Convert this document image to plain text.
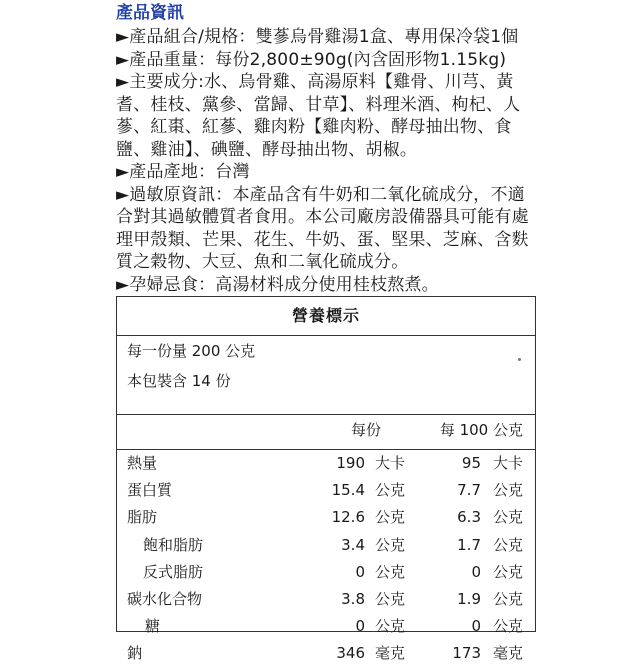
產品資訊
►產品組合/規格：雙蔘烏骨雞湯1盒、專用保冷袋1個
►產品重量：每份2,800±90g(內含固形物1.15kg)
►主要成分:水、烏骨雞、高湯原料【雞骨、川芎、黃
耆、桂枝、黨參、當歸、甘草】、料理米酒、枸杞、人
蔘、紅棗、紅蔘、雞肉粉【雞肉粉、酵母抽出物、食
鹽、雞油】、碘鹽、酵母抽出物、胡椒。
►產品產地：台灣
►過敏原資訊：本產品含有牛奶和二氧化硫成分，不適
合對其過敏體質者食用。本公司廠房設備器具可能有處
理甲殼類、芒果、花生、牛奶、蛋、堅果、芝麻、含麩
質之穀物、大豆、魚和二氧化硫成分。
►孕婦忌食：高湯材料成分使用桂枝熬煮。
營養標示
每一份量 200 公克
本包裝含 14 份
每份	每 100 公克
熱量	190 大卡	95 大卡
蛋白質	15.4 公克	7.7 公克
脂肪	12.6 公克	6.3 公克
飽和脂肪	3.4 公克	1.7 公克
反式脂肪	0 公克	0 公克
碳水化合物	3.8 公克	1.9 公克
糖	0 公克	0 公克
鈉	346 毫克	173 毫克
